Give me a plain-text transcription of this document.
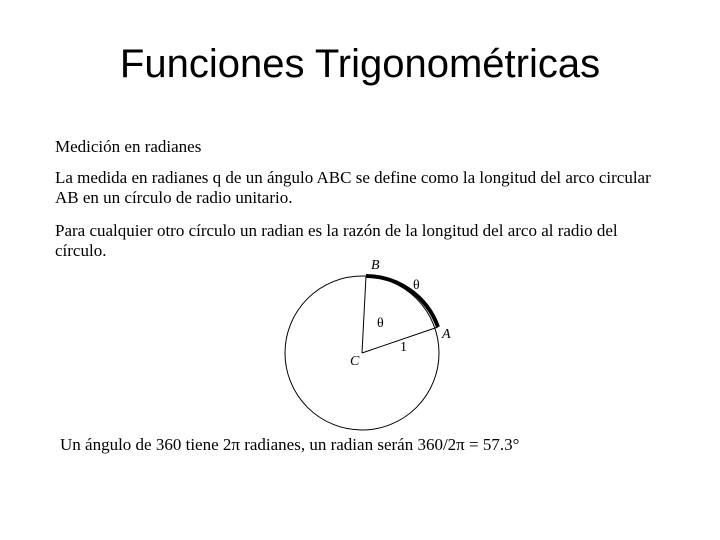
Funciones Trigonométricas
Medición en radianes
La medida en radianes q de un ángulo ABC se define como la longitud del arco circular AB en un círculo de radio unitario.
Para cualquier otro círculo un radian es la razón de la longitud del arco al radio del círculo.
B
θ
θ
1
A
C
Un ángulo de 360 tiene 2π radianes, un radian serán 360/2π = 57.3°
